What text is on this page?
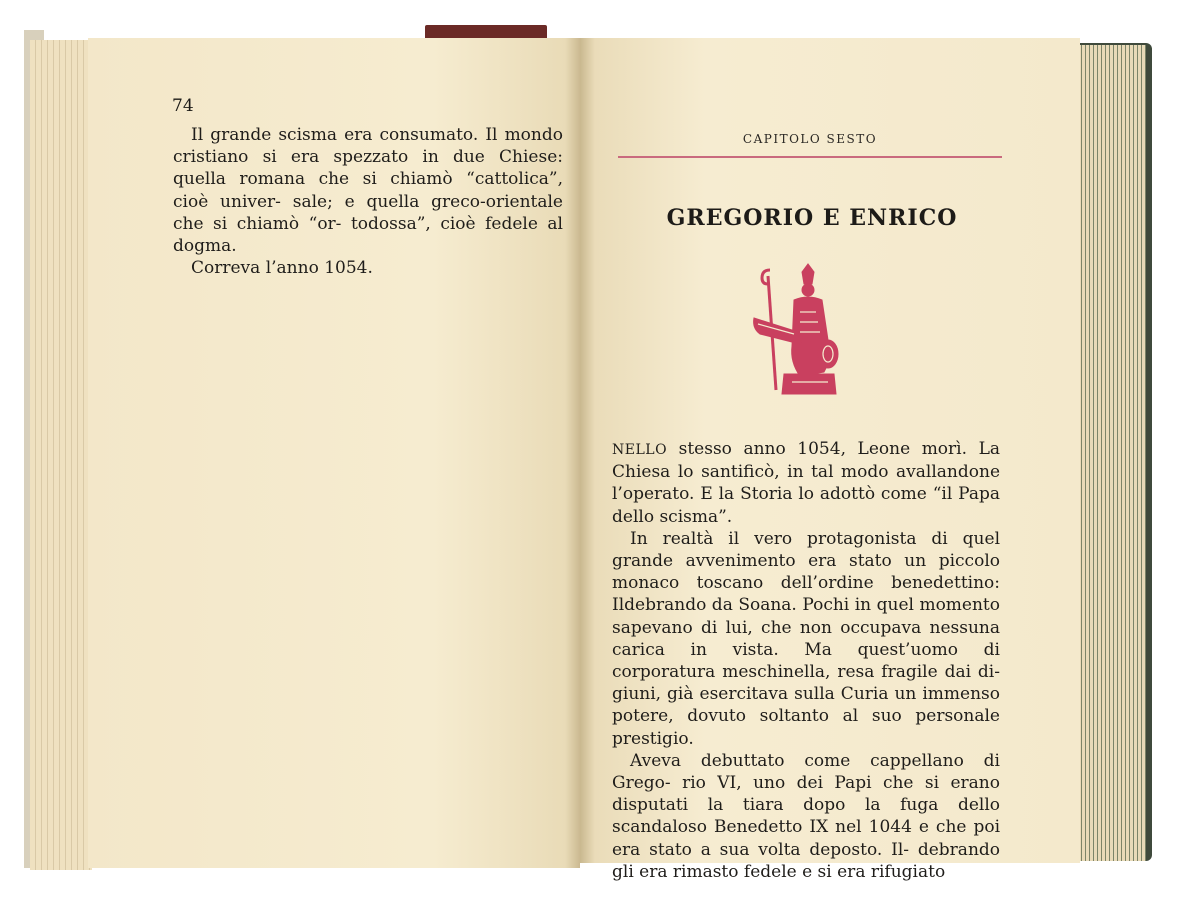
74

Il grande scisma era consumato. Il mondo cristiano si era spezzato in due Chiese: quella romana che si chiamò “cattolica”, cioè univer- sale; e quella greco-orientale che si chiamò “or- todossa”, cioè fedele al dogma.

Correva l’anno 1054.

CAPITOLO SESTO

GREGORIO E ENRICO

NELLO stesso anno 1054, Leone morì. La Chiesa lo santificò, in tal modo avallandone l’operato. E la Storia lo adottò come “il Papa dello scisma”.

In realtà il vero protagonista di quel grande avvenimento era stato un piccolo monaco toscano dell’ordine benedettino: Ildebrando da Soana. Pochi in quel momento sapevano di lui, che non occupava nessuna carica in vista. Ma quest’uomo di corporatura meschinella, resa fragile dai di- giuni, già esercitava sulla Curia un immenso potere, dovuto soltanto al suo personale prestigio.

Aveva debuttato come cappellano di Grego- rio VI, uno dei Papi che si erano disputati la tiara dopo la fuga dello scandaloso Benedetto IX nel 1044 e che poi era stato a sua volta deposto. Il- debrando gli era rimasto fedele e si era rifugiato
